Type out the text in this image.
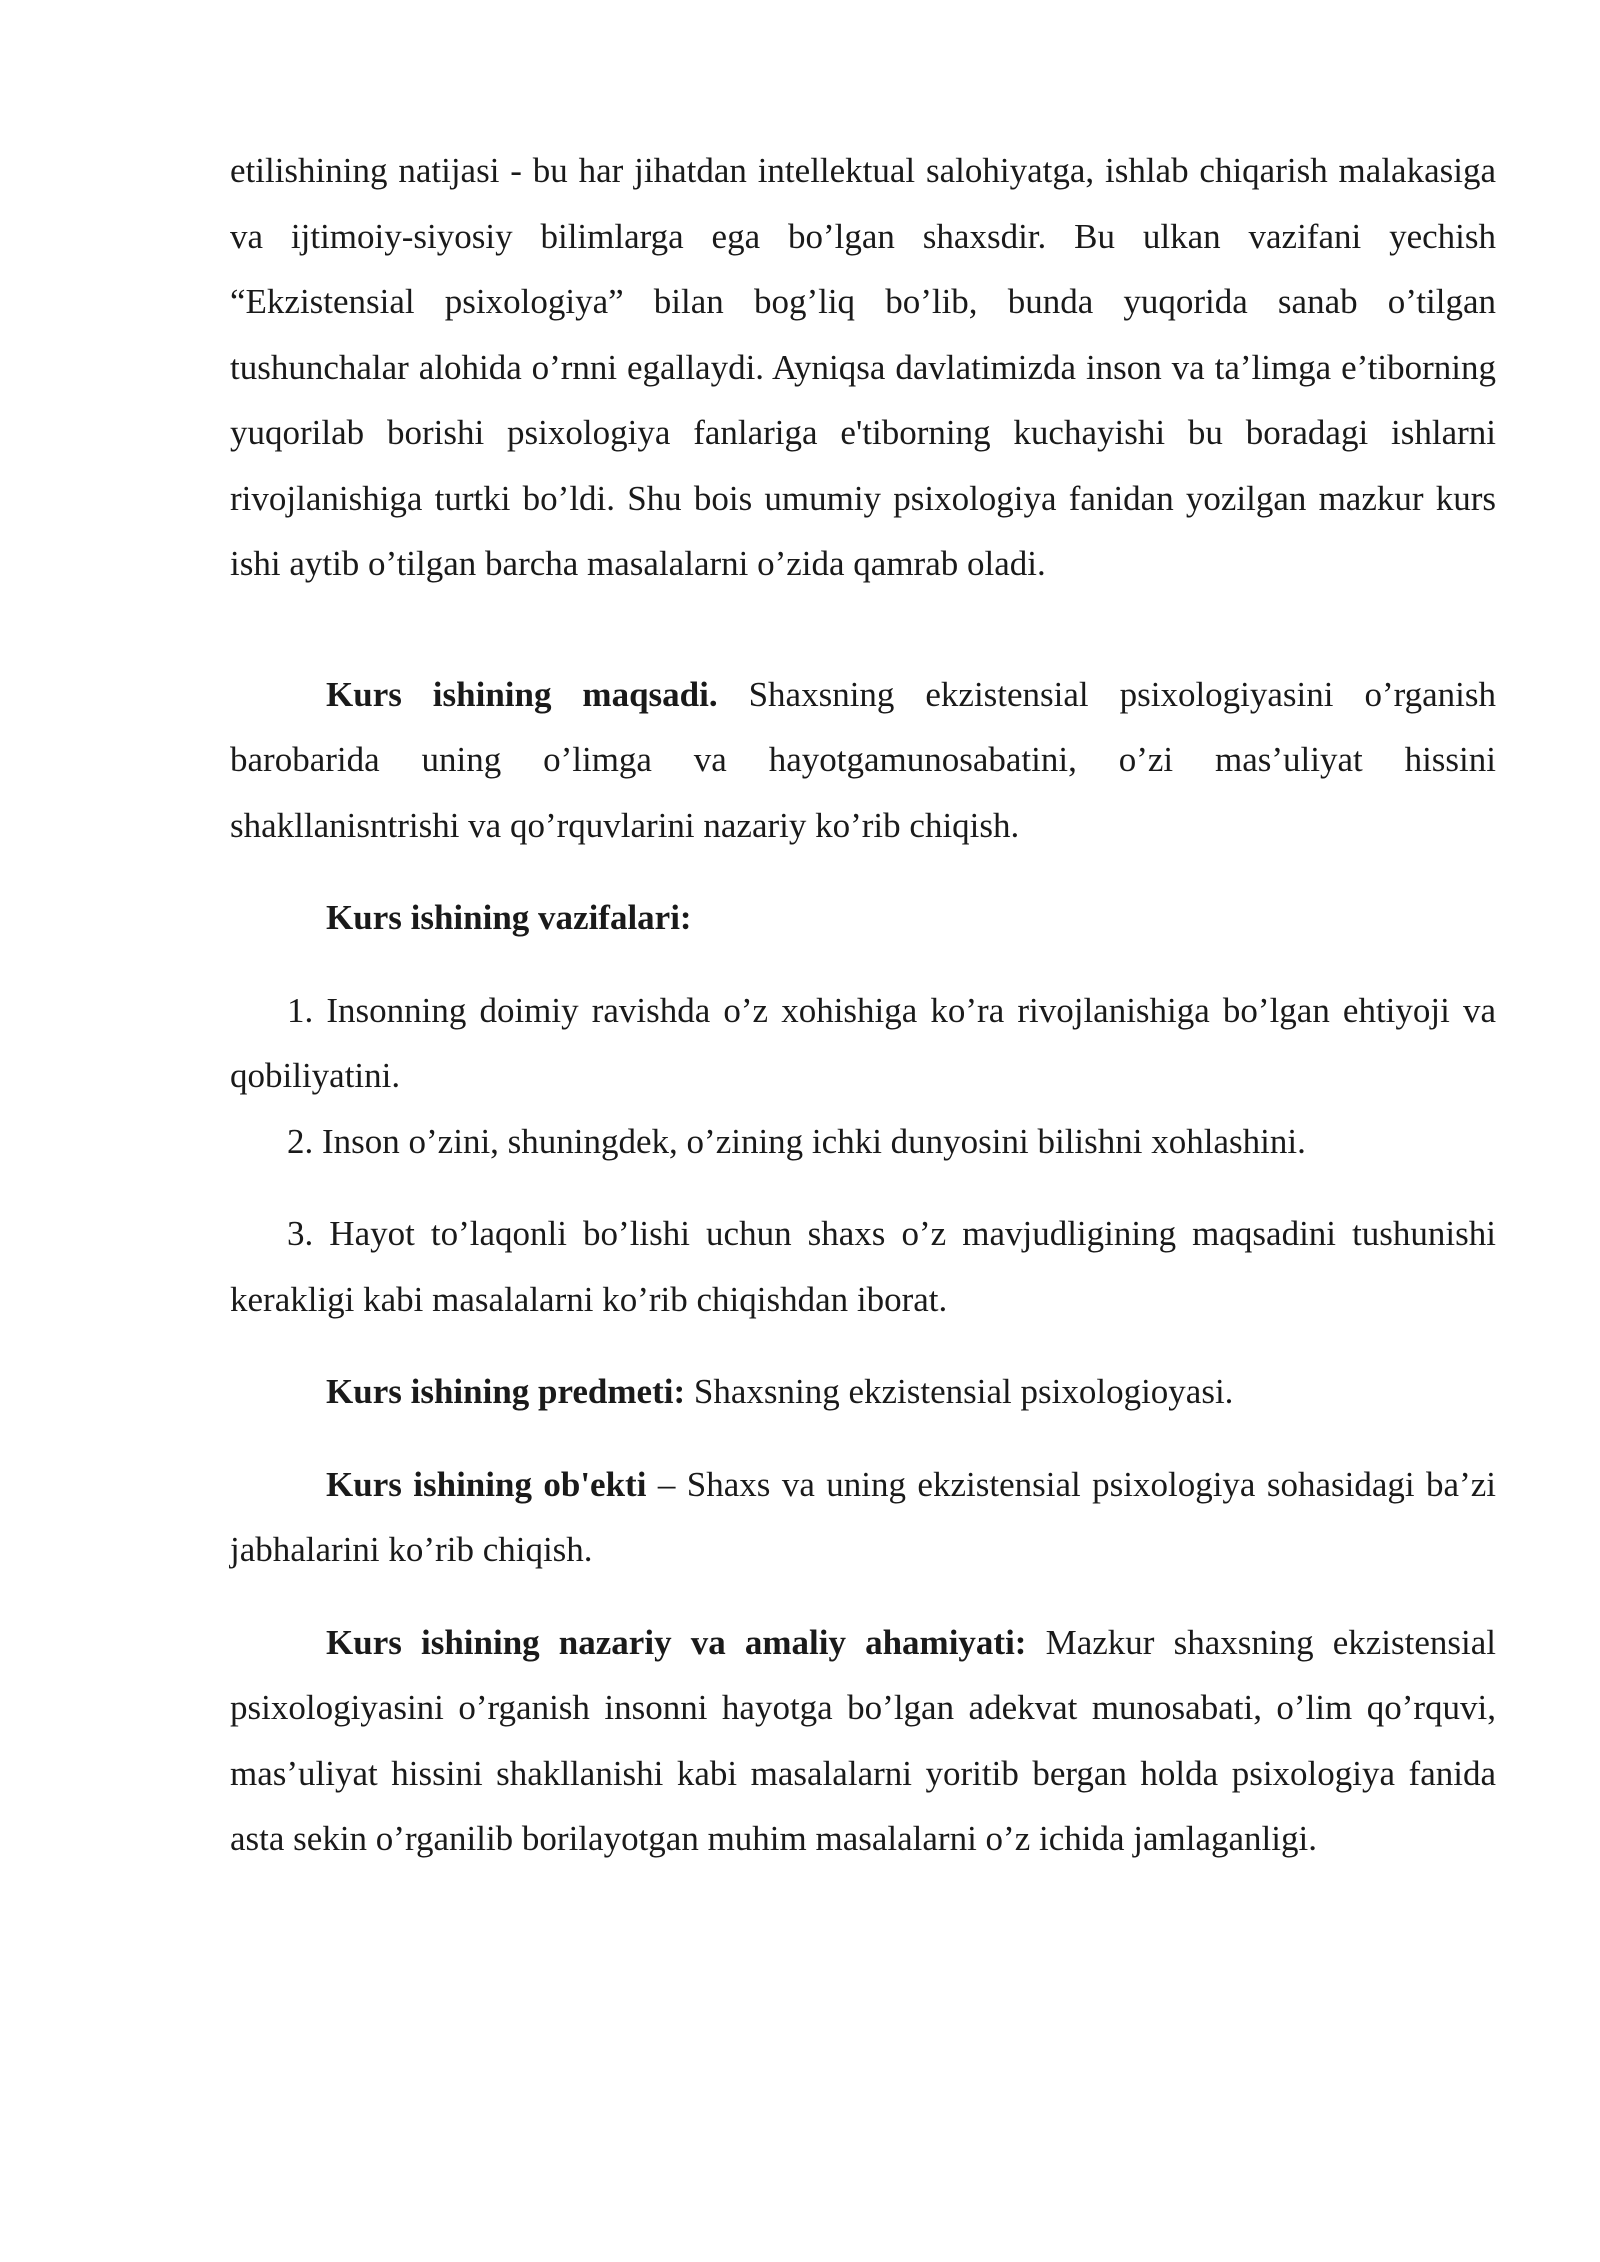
etilishining natijasi - bu har jihatdan intellektual salohiyatga, ishlab chiqarish malakasiga va ijtimoiy-siyosiy bilimlarga ega bo’lgan shaxsdir. Bu ulkan vazifani yechish “Ekzistensial psixologiya” bilan bog’liq bo’lib, bunda yuqorida sanab o’tilgan tushunchalar alohida o’rnni egallaydi. Ayniqsa davlatimizda inson va ta’limga e’tiborning yuqorilab borishi psixologiya fanlariga e'tiborning kuchayishi bu boradagi ishlarni rivojlanishiga turtki bo’ldi. Shu bois umumiy psixologiya fanidan yozilgan mazkur kurs ishi aytib o’tilgan barcha masalalarni o’zida qamrab oladi.

Kurs ishining maqsadi. Shaxsning ekzistensial psixologiyasini o’rganish barobarida uning o’limga va hayotgamunosabatini, o’zi mas’uliyat hissini shakllanisntrishi va qo’rquvlarini nazariy ko’rib chiqish.

Kurs ishining vazifalari:

1. Insonning doimiy ravishda o’z xohishiga ko’ra rivojlanishiga bo’lgan ehtiyoji va qobiliyatini.

2. Inson o’zini, shuningdek, o’zining ichki dunyosini bilishni xohlashini.

3. Hayot to’laqonli bo’lishi uchun shaxs o’z mavjudligining maqsadini tushunishi kerakligi kabi masalalarni ko’rib chiqishdan iborat.

Kurs ishining predmeti: Shaxsning ekzistensial psixologioyasi.

Kurs ishining ob'ekti – Shaxs va uning ekzistensial psixologiya sohasidagi ba’zi jabhalarini ko’rib chiqish.

Kurs ishining nazariy va amaliy ahamiyati: Mazkur shaxsning ekzistensial psixologiyasini o’rganish insonni hayotga bo’lgan adekvat munosabati, o’lim qo’rquvi, mas’uliyat hissini shakllanishi kabi masalalarni yoritib bergan holda psixologiya fanida asta sekin o’rganilib borilayotgan muhim masalalarni o’z ichida jamlaganligi.
